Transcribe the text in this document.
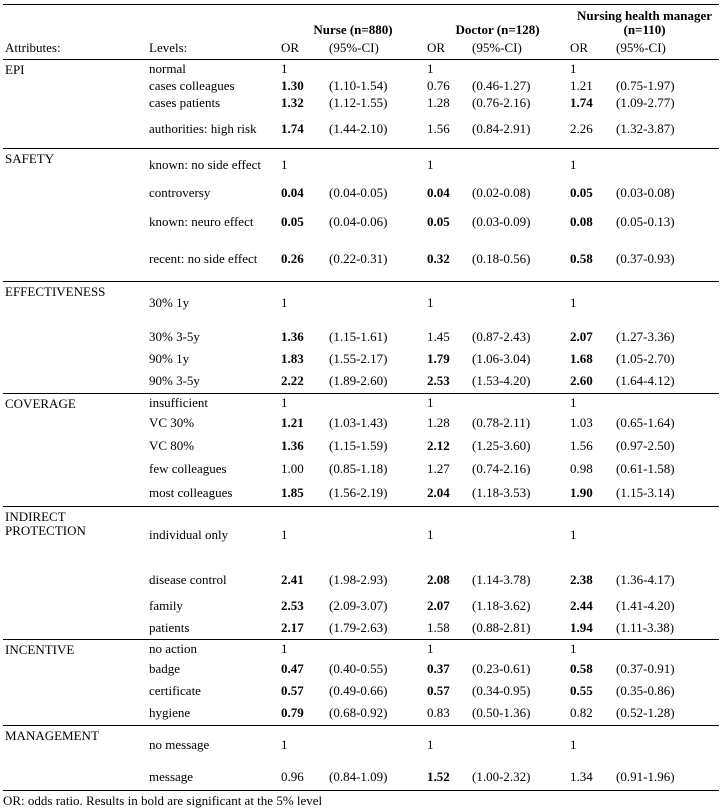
		Nurse (n=880)		Doctor (n=128)		Nursing health manager (n=110)	
Attributes:	Levels:	OR	(95%-CI)	OR	(95%-CI)	OR	(95%-CI)
EPI	normal	1		1		1	
	cases colleagues	1.30	(1.10-1.54)	0.76	(0.46-1.27)	1.21	(0.75-1.97)
	cases patients	1.32	(1.12-1.55)	1.28	(0.76-2.16)	1.74	(1.09-2.77)
	authorities: high risk	1.74	(1.44-2.10)	1.56	(0.84-2.91)	2.26	(1.32-3.87)
SAFETY	known: no side effect	1		1		1	
	controversy	0.04	(0.04-0.05)	0.04	(0.02-0.08)	0.05	(0.03-0.08)
	known: neuro effect	0.05	(0.04-0.06)	0.05	(0.03-0.09)	0.08	(0.05-0.13)
	recent: no side effect	0.26	(0.22-0.31)	0.32	(0.18-0.56)	0.58	(0.37-0.93)
EFFECTIVENESS	30% 1y	1		1		1	
	30% 3-5y	1.36	(1.15-1.61)	1.45	(0.87-2.43)	2.07	(1.27-3.36)
	90% 1y	1.83	(1.55-2.17)	1.79	(1.06-3.04)	1.68	(1.05-2.70)
	90% 3-5y	2.22	(1.89-2.60)	2.53	(1.53-4.20)	2.60	(1.64-4.12)
COVERAGE	insufficient	1		1		1	
	VC 30%	1.21	(1.03-1.43)	1.28	(0.78-2.11)	1.03	(0.65-1.64)
	VC 80%	1.36	(1.15-1.59)	2.12	(1.25-3.60)	1.56	(0.97-2.50)
	few colleagues	1.00	(0.85-1.18)	1.27	(0.74-2.16)	0.98	(0.61-1.58)
	most colleagues	1.85	(1.56-2.19)	2.04	(1.18-3.53)	1.90	(1.15-3.14)
INDIRECT PROTECTION	individual only	1		1		1	
	disease control	2.41	(1.98-2.93)	2.08	(1.14-3.78)	2.38	(1.36-4.17)
	family	2.53	(2.09-3.07)	2.07	(1.18-3.62)	2.44	(1.41-4.20)
	patients	2.17	(1.79-2.63)	1.58	(0.88-2.81)	1.94	(1.11-3.38)
INCENTIVE	no action	1		1		1	
	badge	0.47	(0.40-0.55)	0.37	(0.23-0.61)	0.58	(0.37-0.91)
	certificate	0.57	(0.49-0.66)	0.57	(0.34-0.95)	0.55	(0.35-0.86)
	hygiene	0.79	(0.68-0.92)	0.83	(0.50-1.36)	0.82	(0.52-1.28)
MANAGEMENT	no message	1		1		1	
	message	0.96	(0.84-1.09)	1.52	(1.00-2.32)	1.34	(0.91-1.96)
OR: odds ratio. Results in bold are significant at the 5% level
